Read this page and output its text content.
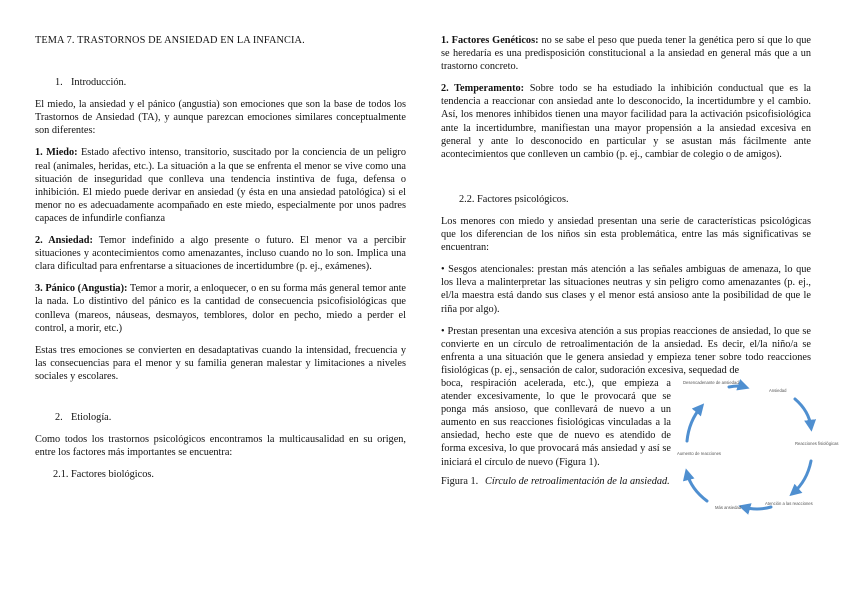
TEMA 7. TRASTORNOS DE ANSIEDAD EN LA INFANCIA.

1. Introducción.

El miedo, la ansiedad y el pánico (angustia) son emociones que son la base de todos los Trastornos de Ansiedad (TA), y aunque parezcan emociones similares conceptualmente son diferentes:

1. Miedo: Estado afectivo intenso, transitorio, suscitado por la conciencia de un peligro real (animales, heridas, etc.). La situación a la que se enfrenta el menor se vive como una situación de inseguridad que conlleva una tendencia instintiva de fuga, defensa o inhibición. El miedo puede derivar en ansiedad (y ésta en una ansiedad patológica) si el menor no es adecuadamente acompañado en este miedo, especialmente por unos padres capaces de infundirle confianza

2. Ansiedad: Temor indefinido a algo presente o futuro. El menor va a percibir situaciones y acontecimientos como amenazantes, incluso cuando no lo son. Implica una clara dificultad para enfrentarse a situaciones de incertidumbre (p. ej., exámenes).

3. Pánico (Angustia): Temor a morir, a enloquecer, o en su forma más general temor ante la nada. Lo distintivo del pánico es la cantidad de consecuencia psicofisiológicas que conlleva (mareos, náuseas, desmayos, temblores, dolor en pecho, miedo a perder el control, a morir, etc.)

Estas tres emociones se convierten en desadaptativas cuando la intensidad, frecuencia y las consecuencias para el menor y su familia generan malestar y limitaciones a niveles sociales y escolares.

2. Etiología.

Como todos los trastornos psicológicos encontramos la multicausalidad en su origen, entre los factores más importantes se encuentra:

2.1. Factores biológicos.

1. Factores Genéticos: no se sabe el peso que pueda tener la genética pero sí que lo que se heredaría es una predisposición constitucional a la ansiedad en general más que a un trastorno concreto.

2. Temperamento: Sobre todo se ha estudiado la inhibición conductual que es la tendencia a reaccionar con ansiedad ante lo desconocido, la incertidumbre y el cambio. Así, los menores inhibidos tienen una mayor facilidad para la activación psicofisiológica ante la incertidumbre, manifiestan una mayor propensión a la ansiedad excesiva en general y ante lo desconocido en particular y se asustan más fácilmente ante acontecimientos que conlleven un cambio (p. ej., cambiar de colegio o de amigos).

2.2. Factores psicológicos.

Los menores con miedo y ansiedad presentan una serie de características psicológicas que los diferencian de los niños sin esta problemática, entre las más significativas se encuentran:

• Sesgos atencionales: prestan más atención a las señales ambiguas de amenaza, lo que los lleva a malinterpretar las situaciones neutras y sin peligro como amenazantes (p. ej., el/la maestra está dando sus clases y el menor está ansioso ante la posibilidad de que le riña por algo).

• Prestan presentan una excesiva atención a sus propias reacciones de ansiedad, lo que se convierte en un círculo de retroalimentación de la ansiedad. Es decir, el/la niño/a se enfrenta a una situación que le genera ansiedad y empieza tener sobre todo reacciones fisiológicas (p. ej., sensación de calor, sudoración excesiva, sequedad de

boca, respiración acelerada, etc.), que empieza a atender excesivamente, lo que le provocará que se ponga más ansioso, que conllevará de nuevo a un aumento en sus reacciones fisiológicas vinculadas a la ansiedad, hecho este que de nuevo es atendido de forma excesiva, lo que provocará más ansiedad y así se iniciará el círculo de nuevo (Figura 1).

Figura 1. Círculo de retroalimentación de la ansiedad.

Desencadenante de ansiedad
Ansiedad
Reacciones fisiológicas
Atención a las reacciones
Más ansiedad
Aumento de reacciones
